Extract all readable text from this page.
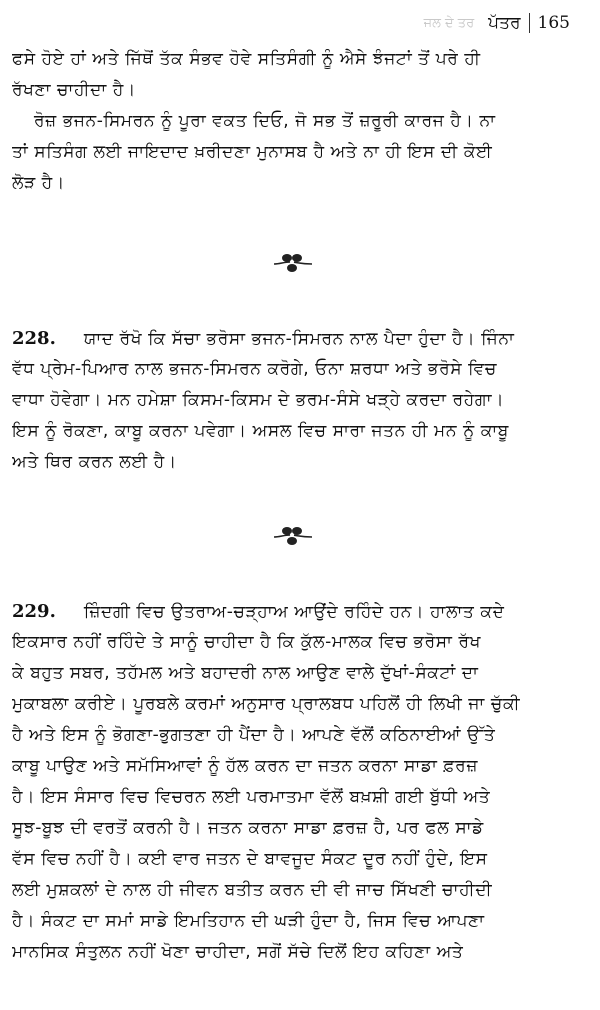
ਜਲ ਦੇ ਤਰ ਪੱਤਰ 165
ਫਸੇ ਹੋਏ ਹਾਂ ਅਤੇ ਜਿੱਥੋਂ ਤੱਕ ਸੰਭਵ ਹੋਵੇ ਸਤਿਸੰਗੀ ਨੂੰ ਐਸੇ ਝੰਜਟਾਂ ਤੋਂ ਪਰੇ ਹੀ
ਰੱਖਣਾ ਚਾਹੀਦਾ ਹੈ।
ਰੋਜ਼ ਭਜਨ-ਸਿਮਰਨ ਨੂੰ ਪੂਰਾ ਵਕਤ ਦਿਓ, ਜੋ ਸਭ ਤੋਂ ਜ਼ਰੂਰੀ ਕਾਰਜ ਹੈ। ਨਾ
ਤਾਂ ਸਤਿਸੰਗ ਲਈ ਜਾਇਦਾਦ ਖ਼ਰੀਦਣਾ ਮੁਨਾਸਬ ਹੈ ਅਤੇ ਨਾ ਹੀ ਇਸ ਦੀ ਕੋਈ
ਲੋੜ ਹੈ।
228. ਯਾਦ ਰੱਖੋ ਕਿ ਸੱਚਾ ਭਰੋਸਾ ਭਜਨ-ਸਿਮਰਨ ਨਾਲ ਪੈਦਾ ਹੁੰਦਾ ਹੈ। ਜਿੰਨਾ
ਵੱਧ ਪ੍ਰੇਮ-ਪਿਆਰ ਨਾਲ ਭਜਨ-ਸਿਮਰਨ ਕਰੋਗੇ, ਓਨਾ ਸ਼ਰਧਾ ਅਤੇ ਭਰੋਸੇ ਵਿਚ
ਵਾਧਾ ਹੋਵੇਗਾ। ਮਨ ਹਮੇਸ਼ਾ ਕਿਸਮ-ਕਿਸਮ ਦੇ ਭਰਮ-ਸੰਸੇ ਖੜ੍ਹੇ ਕਰਦਾ ਰਹੇਗਾ।
ਇਸ ਨੂੰ ਰੋਕਣਾ, ਕਾਬੂ ਕਰਨਾ ਪਵੇਗਾ। ਅਸਲ ਵਿਚ ਸਾਰਾ ਜਤਨ ਹੀ ਮਨ ਨੂੰ ਕਾਬੂ
ਅਤੇ ਥਿਰ ਕਰਨ ਲਈ ਹੈ।
229. ਜ਼ਿੰਦਗੀ ਵਿਚ ਉਤਰਾਅ-ਚੜ੍ਹਾਅ ਆਉਂਦੇ ਰਹਿੰਦੇ ਹਨ। ਹਾਲਾਤ ਕਦੇ
ਇਕਸਾਰ ਨਹੀਂ ਰਹਿੰਦੇ ਤੇ ਸਾਨੂੰ ਚਾਹੀਦਾ ਹੈ ਕਿ ਕੁੱਲ-ਮਾਲਕ ਵਿਚ ਭਰੋਸਾ ਰੱਖ
ਕੇ ਬਹੁਤ ਸਬਰ, ਤਹੱਮਲ ਅਤੇ ਬਹਾਦਰੀ ਨਾਲ ਆਉਣ ਵਾਲੇ ਦੁੱਖਾਂ-ਸੰਕਟਾਂ ਦਾ
ਮੁਕਾਬਲਾ ਕਰੀਏ। ਪੂਰਬਲੇ ਕਰਮਾਂ ਅਨੁਸਾਰ ਪ੍ਰਾਲਬਧ ਪਹਿਲੋਂ ਹੀ ਲਿਖੀ ਜਾ ਚੁੱਕੀ
ਹੈ ਅਤੇ ਇਸ ਨੂੰ ਭੋਗਣਾ-ਭੁਗਤਣਾ ਹੀ ਪੈਂਦਾ ਹੈ। ਆਪਣੇ ਵੱਲੋਂ ਕਠਿਨਾਈਆਂ ਉੱਤੇ
ਕਾਬੂ ਪਾਉਣ ਅਤੇ ਸਮੱਸਿਆਵਾਂ ਨੂੰ ਹੱਲ ਕਰਨ ਦਾ ਜਤਨ ਕਰਨਾ ਸਾਡਾ ਫ਼ਰਜ਼
ਹੈ। ਇਸ ਸੰਸਾਰ ਵਿਚ ਵਿਚਰਨ ਲਈ ਪਰਮਾਤਮਾ ਵੱਲੋਂ ਬਖ਼ਸ਼ੀ ਗਈ ਬੁੱਧੀ ਅਤੇ
ਸੂਝ-ਬੂਝ ਦੀ ਵਰਤੋਂ ਕਰਨੀ ਹੈ। ਜਤਨ ਕਰਨਾ ਸਾਡਾ ਫ਼ਰਜ਼ ਹੈ, ਪਰ ਫਲ ਸਾਡੇ
ਵੱਸ ਵਿਚ ਨਹੀਂ ਹੈ। ਕਈ ਵਾਰ ਜਤਨ ਦੇ ਬਾਵਜੂਦ ਸੰਕਟ ਦੂਰ ਨਹੀਂ ਹੁੰਦੇ, ਇਸ
ਲਈ ਮੁਸ਼ਕਲਾਂ ਦੇ ਨਾਲ ਹੀ ਜੀਵਨ ਬਤੀਤ ਕਰਨ ਦੀ ਵੀ ਜਾਚ ਸਿੱਖਣੀ ਚਾਹੀਦੀ
ਹੈ। ਸੰਕਟ ਦਾ ਸਮਾਂ ਸਾਡੇ ਇਮਤਿਹਾਨ ਦੀ ਘੜੀ ਹੁੰਦਾ ਹੈ, ਜਿਸ ਵਿਚ ਆਪਣਾ
ਮਾਨਸਿਕ ਸੰਤੁਲਨ ਨਹੀਂ ਖੋਣਾ ਚਾਹੀਦਾ, ਸਗੋਂ ਸੱਚੇ ਦਿਲੋਂ ਇਹ ਕਹਿਣਾ ਅਤੇ
